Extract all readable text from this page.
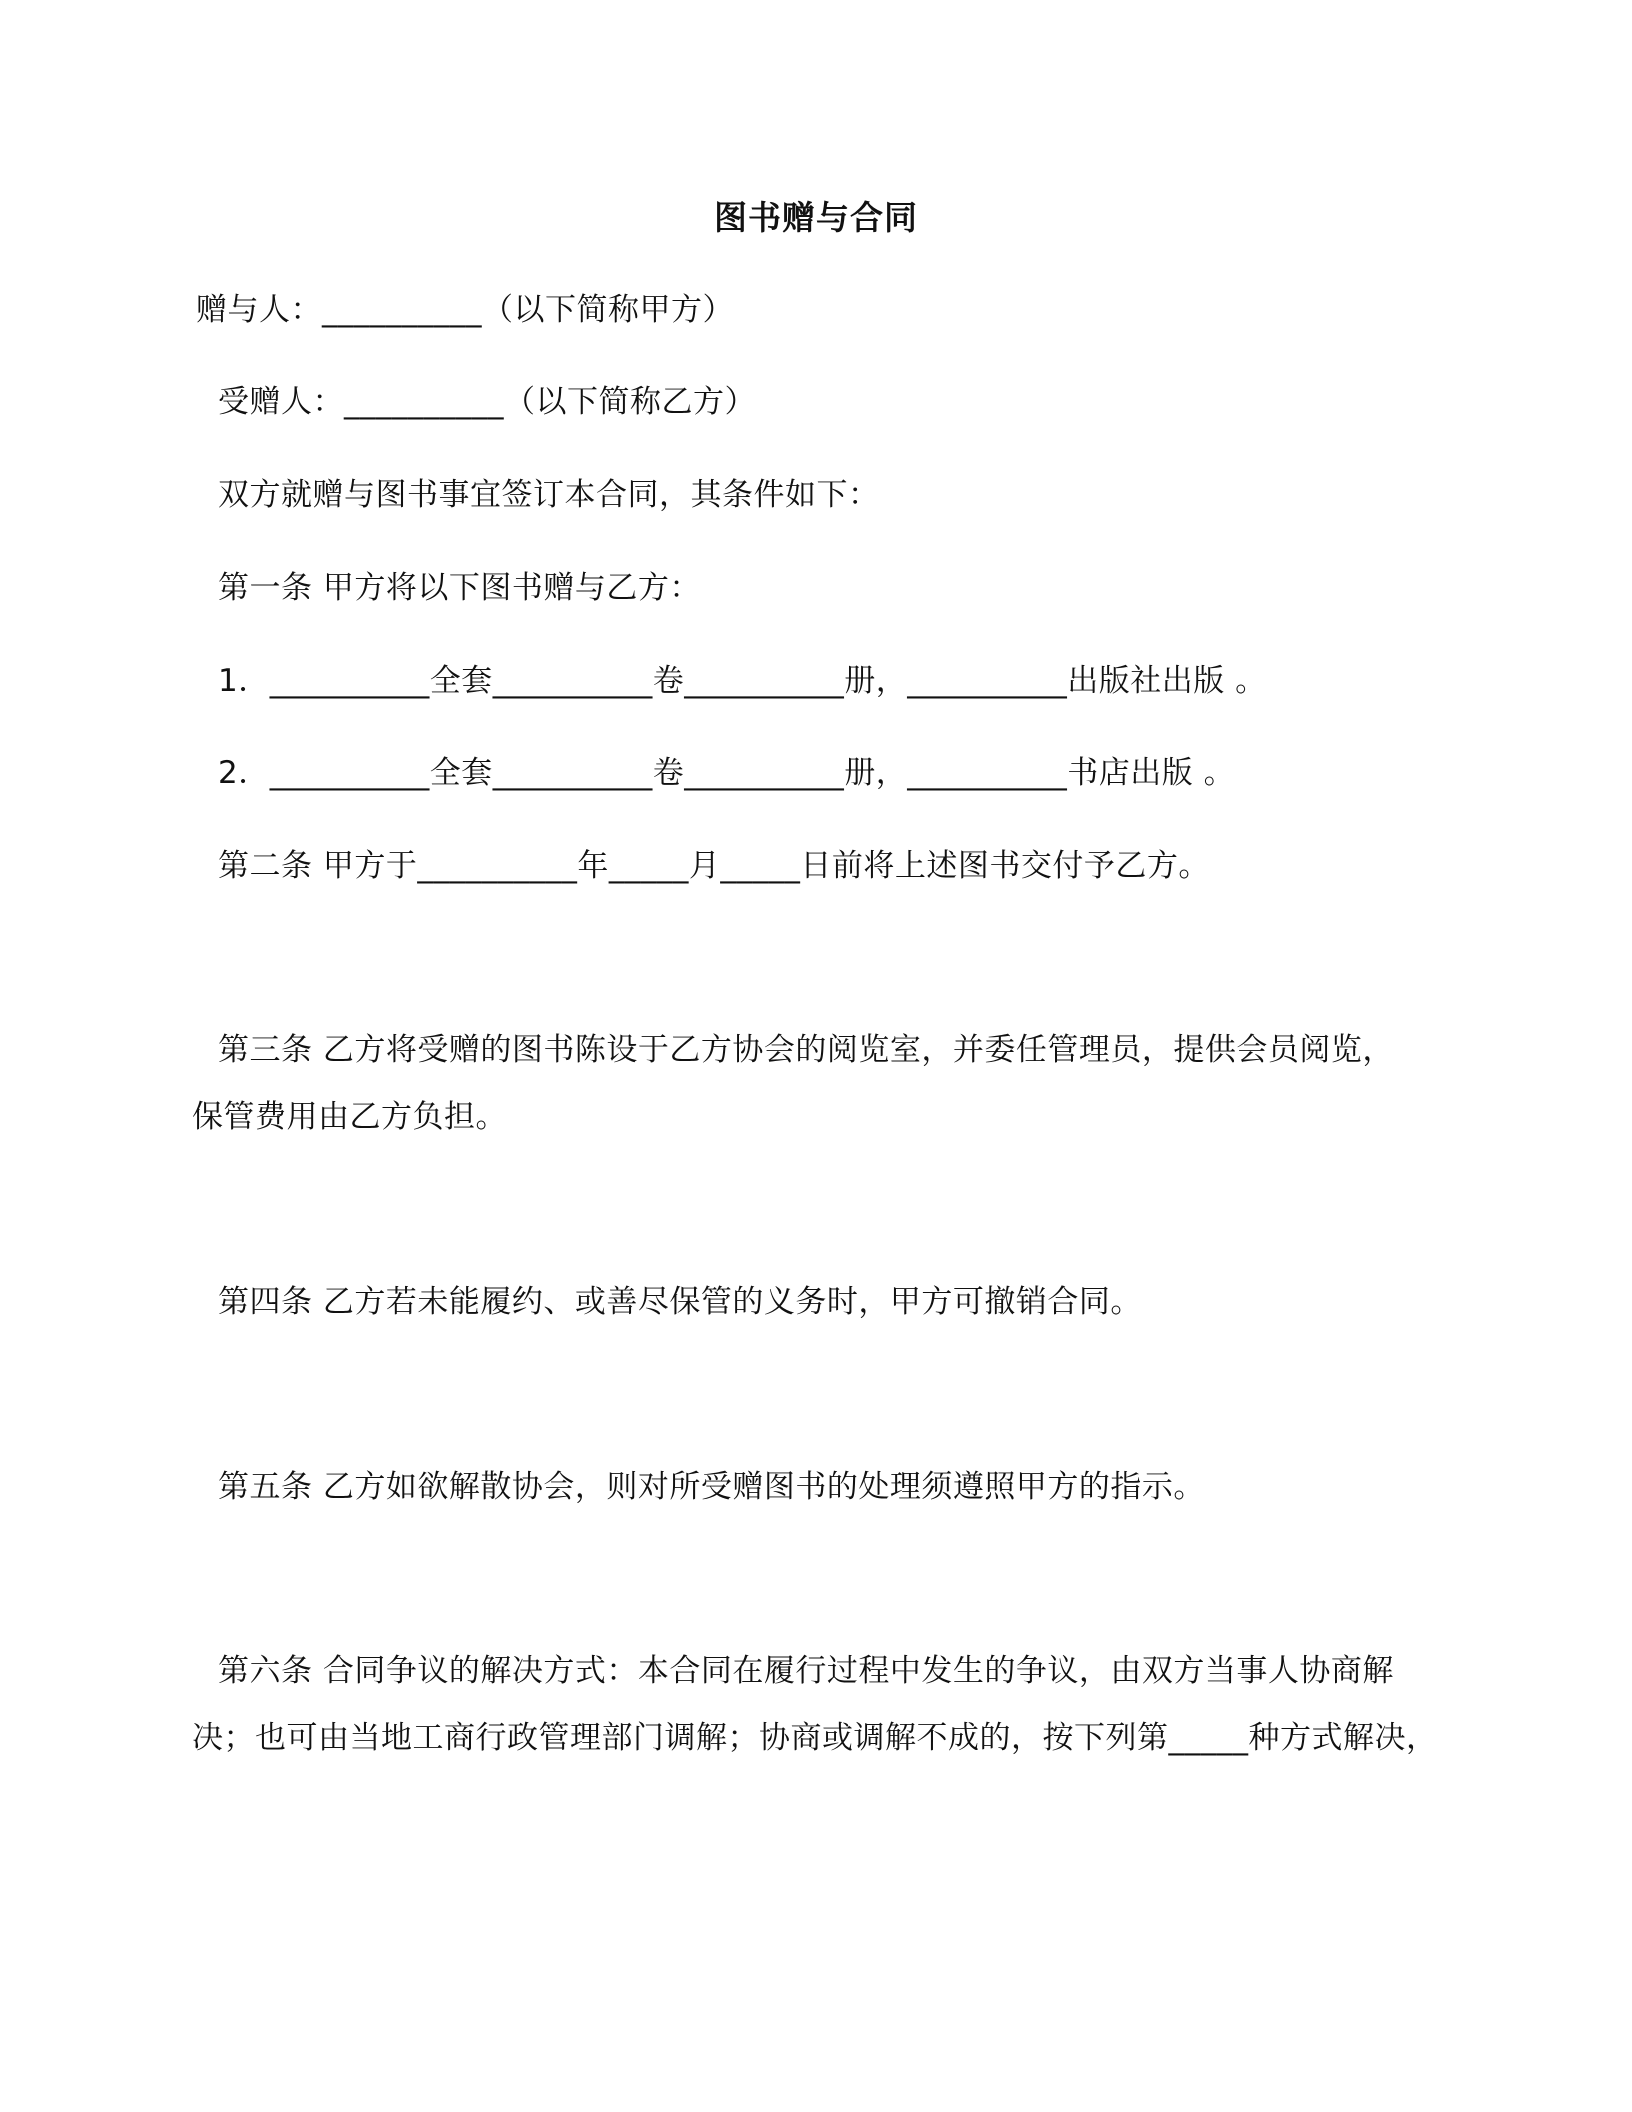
图书赠与合同
赠与人：__________（以下简称甲方）
受赠人：__________（以下简称乙方）
双方就赠与图书事宜签订本合同，其条件如下：
第一条 甲方将以下图书赠与乙方：
1．__________全套__________卷__________册，__________出版社出版 。
2．__________全套__________卷__________册，__________书店出版 。
第二条 甲方于__________年_____月_____日前将上述图书交付予乙方。
第三条 乙方将受赠的图书陈设于乙方协会的阅览室，并委任管理员，提供会员阅览，
保管费用由乙方负担。
第四条 乙方若未能履约、或善尽保管的义务时，甲方可撤销合同。
第五条 乙方如欲解散协会，则对所受赠图书的处理须遵照甲方的指示。
第六条 合同争议的解决方式：本合同在履行过程中发生的争议，由双方当事人协商解
决；也可由当地工商行政管理部门调解；协商或调解不成的，按下列第_____种方式解决，
